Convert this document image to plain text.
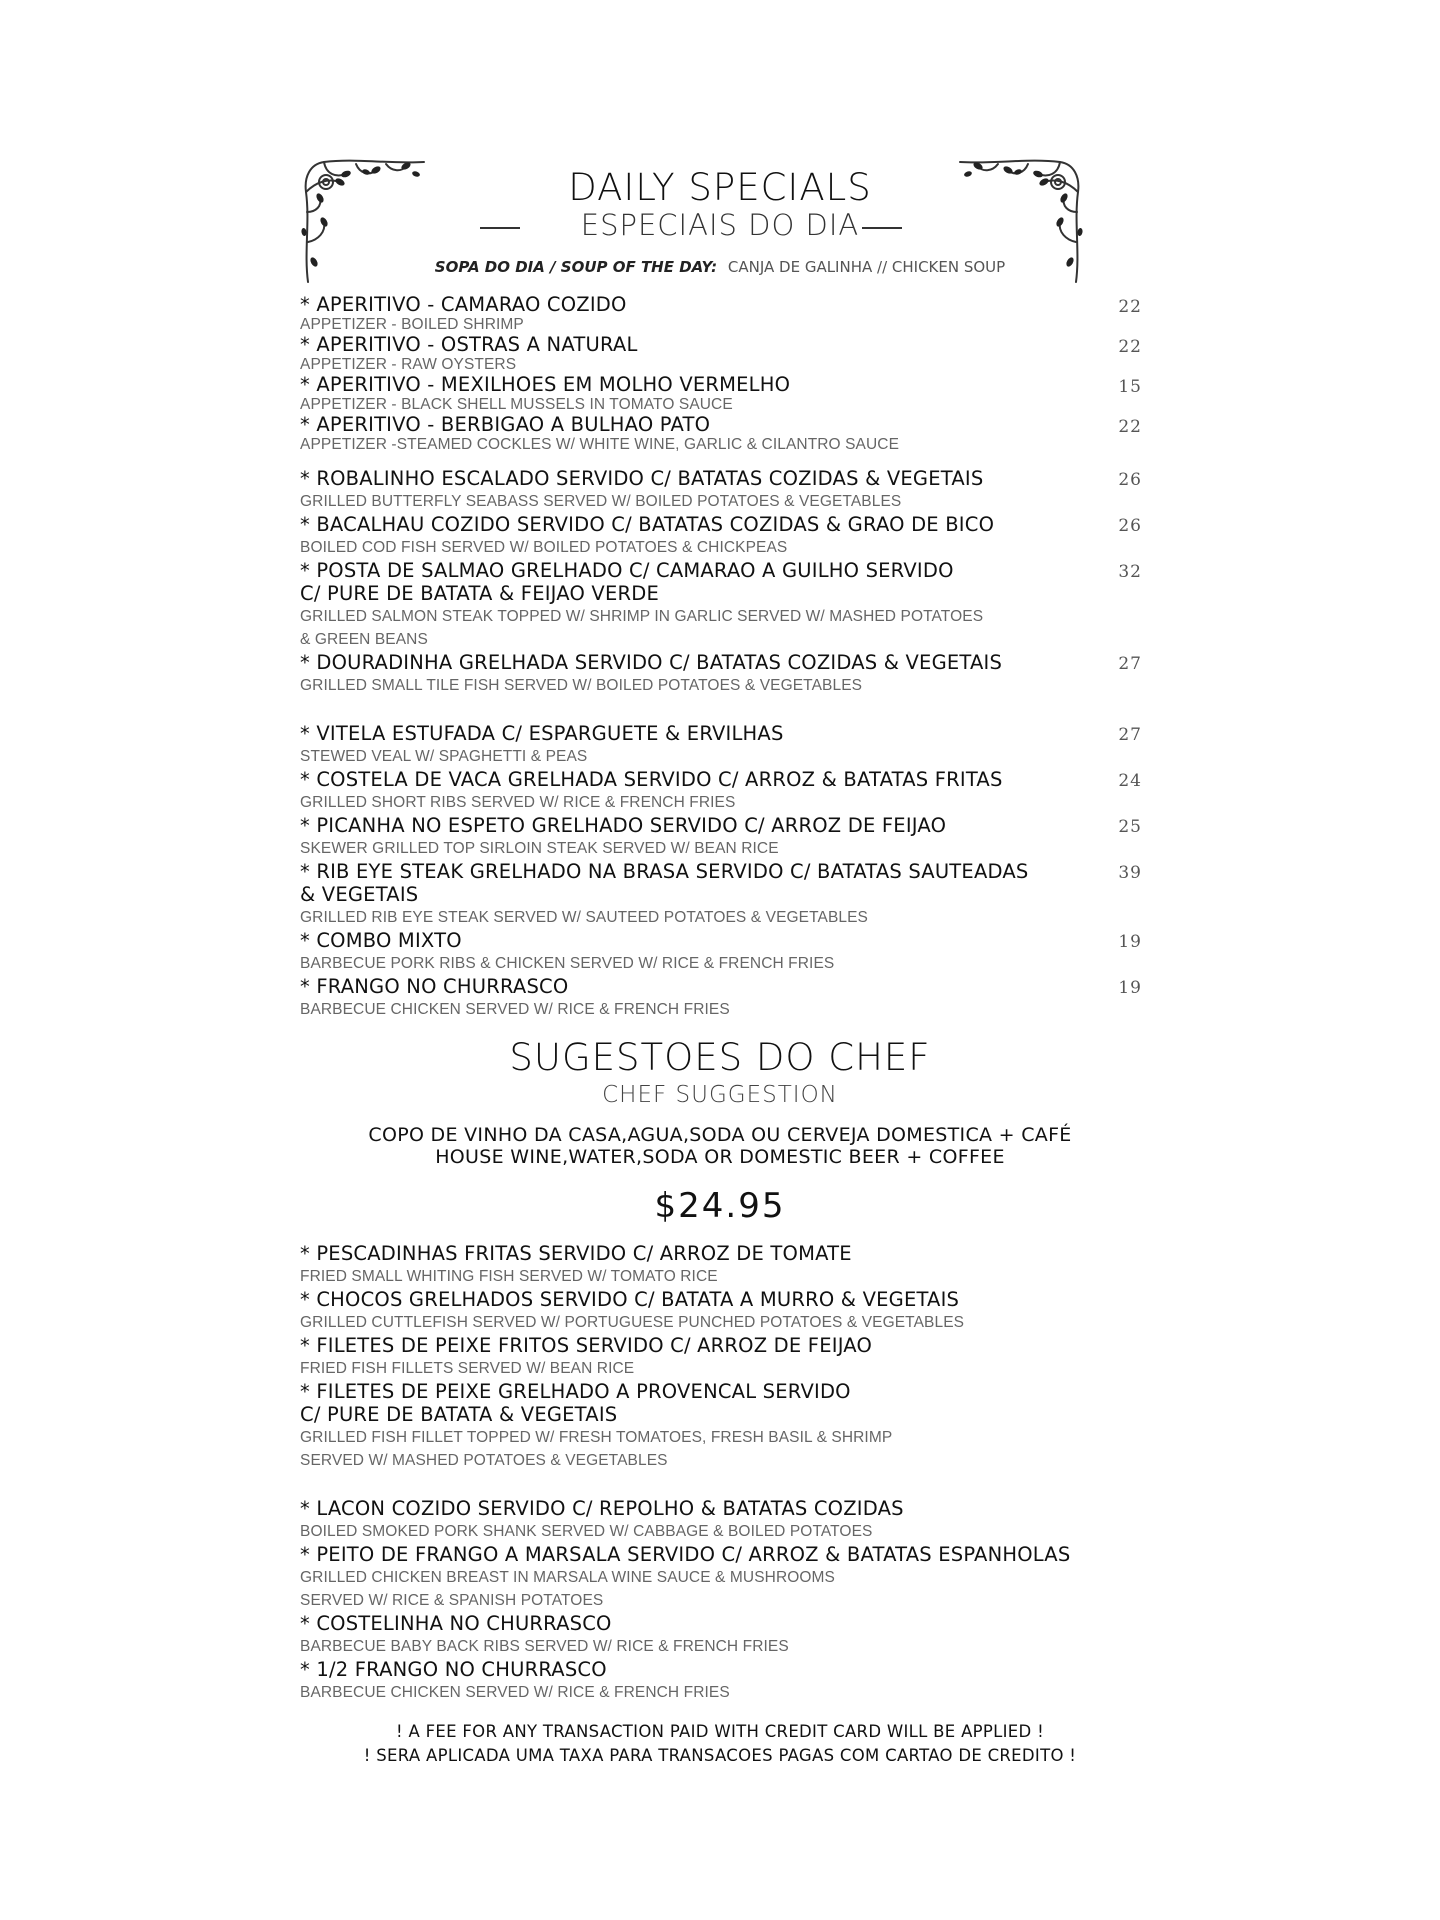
DAILY SPECIALS
ESPECIAIS DO DIA
SOPA DO DIA / SOUP OF THE DAY: CANJA DE GALINHA // CHICKEN SOUP
* APERITIVO - CAMARAO COZIDO
APPETIZER - BOILED SHRIMP
22
* APERITIVO - OSTRAS A NATURAL
APPETIZER - RAW OYSTERS
22
* APERITIVO - MEXILHOES EM MOLHO VERMELHO
APPETIZER - BLACK SHELL MUSSELS IN TOMATO SAUCE
15
* APERITIVO - BERBIGAO A BULHAO PATO
APPETIZER -STEAMED COCKLES W/ WHITE WINE, GARLIC & CILANTRO SAUCE
22
* ROBALINHO ESCALADO SERVIDO C/ BATATAS COZIDAS & VEGETAIS
GRILLED BUTTERFLY SEABASS SERVED W/ BOILED POTATOES & VEGETABLES
26
* BACALHAU COZIDO SERVIDO C/ BATATAS COZIDAS & GRAO DE BICO
BOILED COD FISH SERVED W/ BOILED POTATOES & CHICKPEAS
26
* POSTA DE SALMAO GRELHADO C/ CAMARAO A GUILHO SERVIDO
C/ PURE DE BATATA & FEIJAO VERDE
GRILLED SALMON STEAK TOPPED W/ SHRIMP IN GARLIC SERVED W/ MASHED POTATOES
& GREEN BEANS
32
* DOURADINHA GRELHADA SERVIDO C/ BATATAS COZIDAS & VEGETAIS
GRILLED SMALL TILE FISH SERVED W/ BOILED POTATOES & VEGETABLES
27
* VITELA ESTUFADA C/ ESPARGUETE & ERVILHAS
STEWED VEAL W/ SPAGHETTI & PEAS
27
* COSTELA DE VACA GRELHADA SERVIDO C/ ARROZ & BATATAS FRITAS
GRILLED SHORT RIBS SERVED W/ RICE & FRENCH FRIES
24
* PICANHA NO ESPETO GRELHADO SERVIDO C/ ARROZ DE FEIJAO
SKEWER GRILLED TOP SIRLOIN STEAK SERVED W/ BEAN RICE
25
* RIB EYE STEAK GRELHADO NA BRASA SERVIDO C/ BATATAS SAUTEADAS
& VEGETAIS
GRILLED RIB EYE STEAK SERVED W/ SAUTEED POTATOES & VEGETABLES
39
* COMBO MIXTO
BARBECUE PORK RIBS & CHICKEN SERVED W/ RICE & FRENCH FRIES
19
* FRANGO NO CHURRASCO
BARBECUE CHICKEN SERVED W/ RICE & FRENCH FRIES
19
SUGESTOES DO CHEF
CHEF SUGGESTION
COPO DE VINHO DA CASA,AGUA,SODA OU CERVEJA DOMESTICA + CAFÉ
HOUSE WINE,WATER,SODA OR DOMESTIC BEER + COFFEE
$24.95
* PESCADINHAS FRITAS SERVIDO C/ ARROZ DE TOMATE
FRIED SMALL WHITING FISH SERVED W/ TOMATO RICE
* CHOCOS GRELHADOS SERVIDO C/ BATATA A MURRO & VEGETAIS
GRILLED CUTTLEFISH SERVED W/ PORTUGUESE PUNCHED POTATOES & VEGETABLES
* FILETES DE PEIXE FRITOS SERVIDO C/ ARROZ DE FEIJAO
FRIED FISH FILLETS SERVED W/ BEAN RICE
* FILETES DE PEIXE GRELHADO A PROVENCAL SERVIDO
C/ PURE DE BATATA & VEGETAIS
GRILLED FISH FILLET TOPPED W/ FRESH TOMATOES, FRESH BASIL & SHRIMP
SERVED W/ MASHED POTATOES & VEGETABLES
* LACON COZIDO SERVIDO C/ REPOLHO & BATATAS COZIDAS
BOILED SMOKED PORK SHANK SERVED W/ CABBAGE & BOILED POTATOES
* PEITO DE FRANGO A MARSALA SERVIDO C/ ARROZ & BATATAS ESPANHOLAS
GRILLED CHICKEN BREAST IN MARSALA WINE SAUCE & MUSHROOMS
SERVED W/ RICE & SPANISH POTATOES
* COSTELINHA NO CHURRASCO
BARBECUE BABY BACK RIBS SERVED W/ RICE & FRENCH FRIES
* 1/2 FRANGO NO CHURRASCO
BARBECUE CHICKEN SERVED W/ RICE & FRENCH FRIES
! A FEE FOR ANY TRANSACTION PAID WITH CREDIT CARD WILL BE APPLIED !
! SERA APLICADA UMA TAXA PARA TRANSACOES PAGAS COM CARTAO DE CREDITO !
